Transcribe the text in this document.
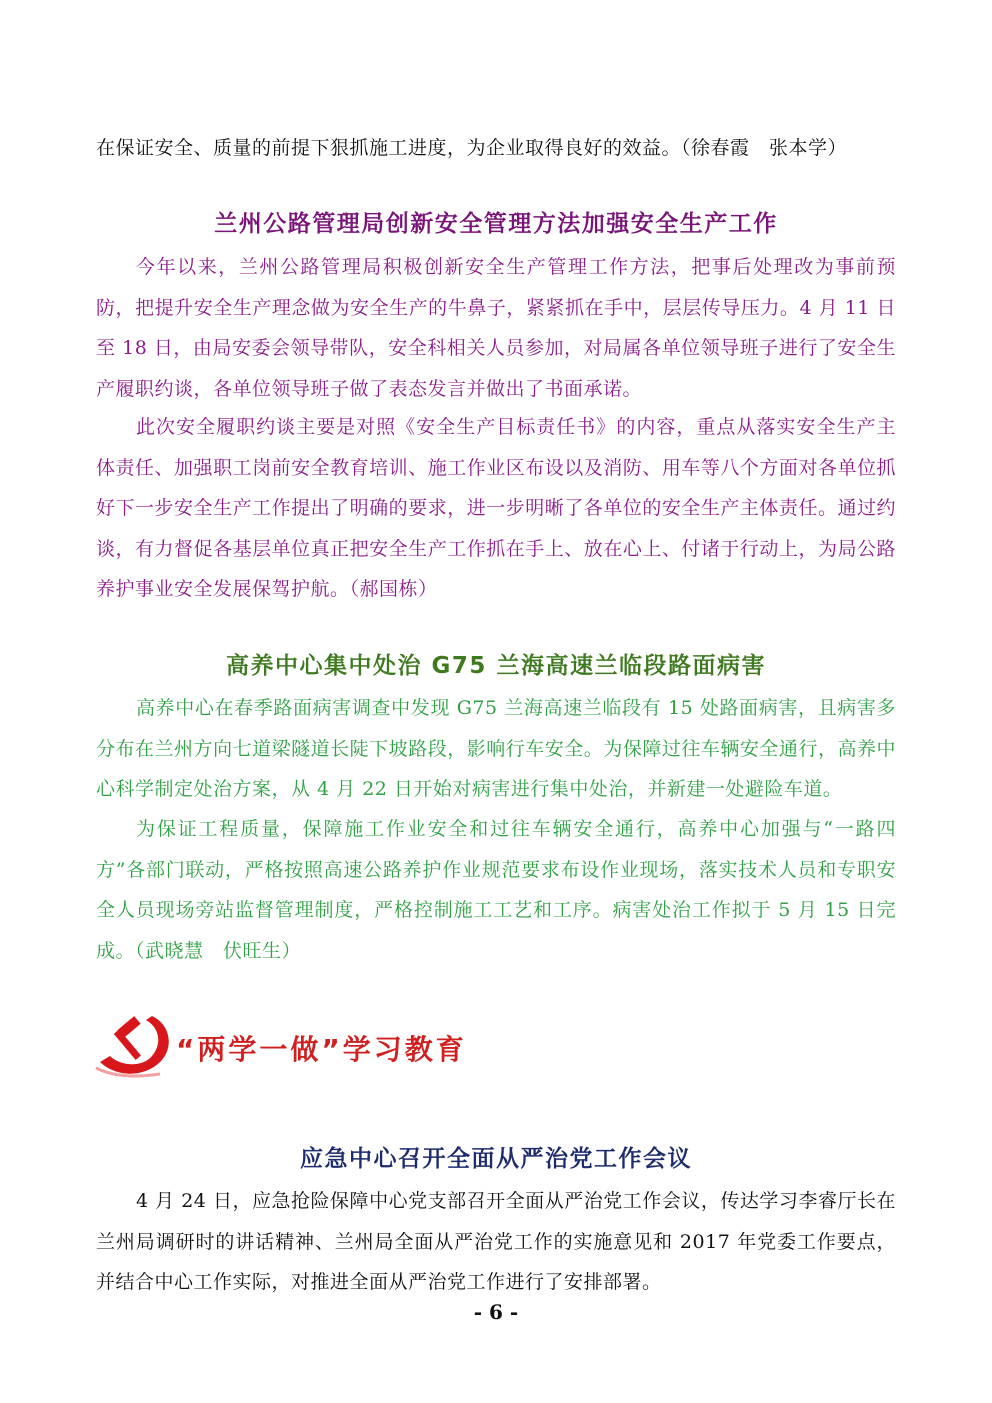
在保证安全、质量的前提下狠抓施工进度，为企业取得良好的效益。（徐春霞　张本学）

兰州公路管理局创新安全管理方法加强安全生产工作

今年以来，兰州公路管理局积极创新安全生产管理工作方法，把事后处理改为事前预防，把提升安全生产理念做为安全生产的牛鼻子，紧紧抓在手中，层层传导压力。4 月 11 日至 18 日，由局安委会领导带队，安全科相关人员参加，对局属各单位领导班子进行了安全生产履职约谈，各单位领导班子做了表态发言并做出了书面承诺。

此次安全履职约谈主要是对照《安全生产目标责任书》的内容，重点从落实安全生产主体责任、加强职工岗前安全教育培训、施工作业区布设以及消防、用车等八个方面对各单位抓好下一步安全生产工作提出了明确的要求，进一步明晰了各单位的安全生产主体责任。通过约谈，有力督促各基层单位真正把安全生产工作抓在手上、放在心上、付诸于行动上，为局公路养护事业安全发展保驾护航。（郝国栋）

高养中心集中处治 G75 兰海高速兰临段路面病害

高养中心在春季路面病害调查中发现 G75 兰海高速兰临段有 15 处路面病害，且病害多分布在兰州方向七道梁隧道长陡下坡路段，影响行车安全。为保障过往车辆安全通行，高养中心科学制定处治方案，从 4 月 22 日开始对病害进行集中处治，并新建一处避险车道。

为保证工程质量，保障施工作业安全和过往车辆安全通行，高养中心加强与“一路四方”各部门联动，严格按照高速公路养护作业规范要求布设作业现场，落实技术人员和专职安全人员现场旁站监督管理制度，严格控制施工工艺和工序。病害处治工作拟于 5 月 15 日完成。（武晓慧　伏旺生）

“两学一做”学习教育
应急中心召开全面从严治党工作会议

4 月 24 日，应急抢险保障中心党支部召开全面从严治党工作会议，传达学习李睿厅长在兰州局调研时的讲话精神、兰州局全面从严治党工作的实施意见和 2017 年党委工作要点，并结合中心工作实际，对推进全面从严治党工作进行了安排部署。

- 6 -
